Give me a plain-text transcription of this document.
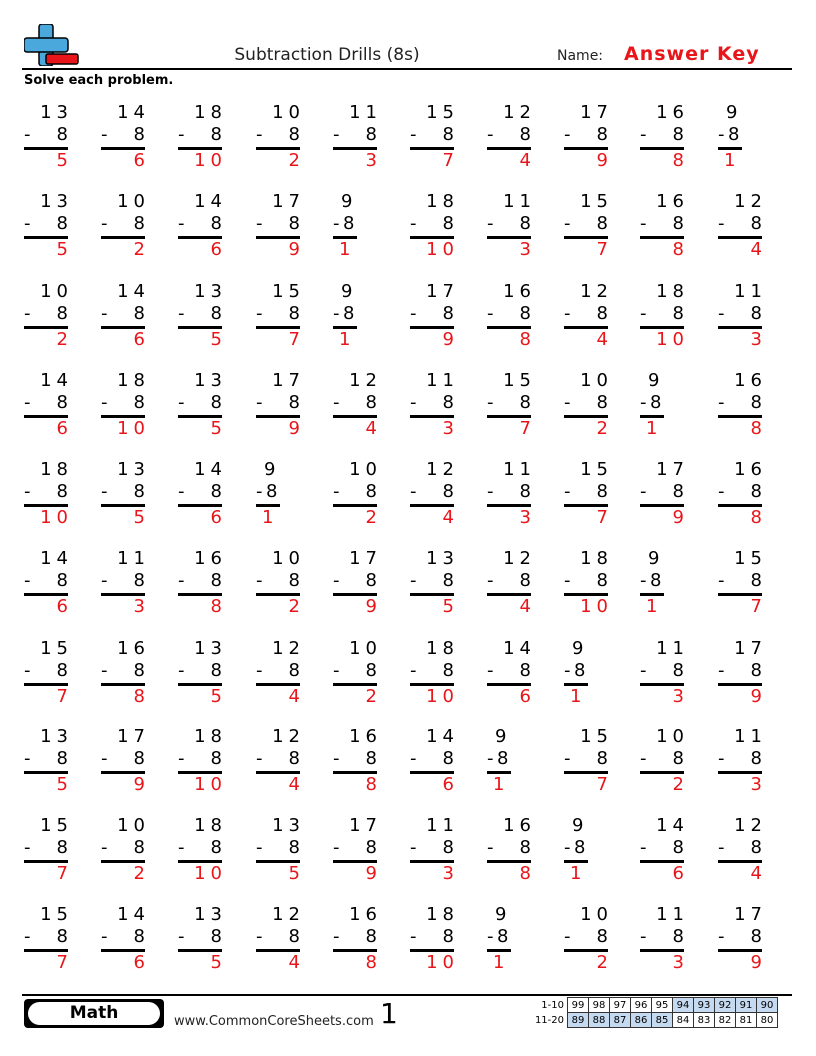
Subtraction Drills (8s)	Name: Answer Key
Solve each problem.
13
- 8
5
14
- 8
6
18
- 8
10
10
- 8
2
11
- 8
3
15
- 8
7
12
- 8
4
17
- 8
9
16
- 8
8
9
- 8
1
13
- 8
5
10
- 8
2
14
- 8
6
17
- 8
9
9
- 8
1
18
- 8
10
11
- 8
3
15
- 8
7
16
- 8
8
12
- 8
4
10
- 8
2
14
- 8
6
13
- 8
5
15
- 8
7
9
- 8
1
17
- 8
9
16
- 8
8
12
- 8
4
18
- 8
10
11
- 8
3
14
- 8
6
18
- 8
10
13
- 8
5
17
- 8
9
12
- 8
4
11
- 8
3
15
- 8
7
10
- 8
2
9
- 8
1
16
- 8
8
18
- 8
10
13
- 8
5
14
- 8
6
9
- 8
1
10
- 8
2
12
- 8
4
11
- 8
3
15
- 8
7
17
- 8
9
16
- 8
8
14
- 8
6
11
- 8
3
16
- 8
8
10
- 8
2
17
- 8
9
13
- 8
5
12
- 8
4
18
- 8
10
9
- 8
1
15
- 8
7
15
- 8
7
16
- 8
8
13
- 8
5
12
- 8
4
10
- 8
2
18
- 8
10
14
- 8
6
9
- 8
1
11
- 8
3
17
- 8
9
13
- 8
5
17
- 8
9
18
- 8
10
12
- 8
4
16
- 8
8
14
- 8
6
9
- 8
1
15
- 8
7
10
- 8
2
11
- 8
3
15
- 8
7
10
- 8
2
18
- 8
10
13
- 8
5
17
- 8
9
11
- 8
3
16
- 8
8
9
- 8
1
14
- 8
6
12
- 8
4
15
- 8
7
14
- 8
6
13
- 8
5
12
- 8
4
16
- 8
8
18
- 8
10
9
- 8
1
10
- 8
2
11
- 8
3
17
- 8
9
Math	www.CommonCoreSheets.com 1	1-10	99	98	97	96	95	94	93	92	91	90
11-20	89	88	87	86	85	84	83	82	81	80
